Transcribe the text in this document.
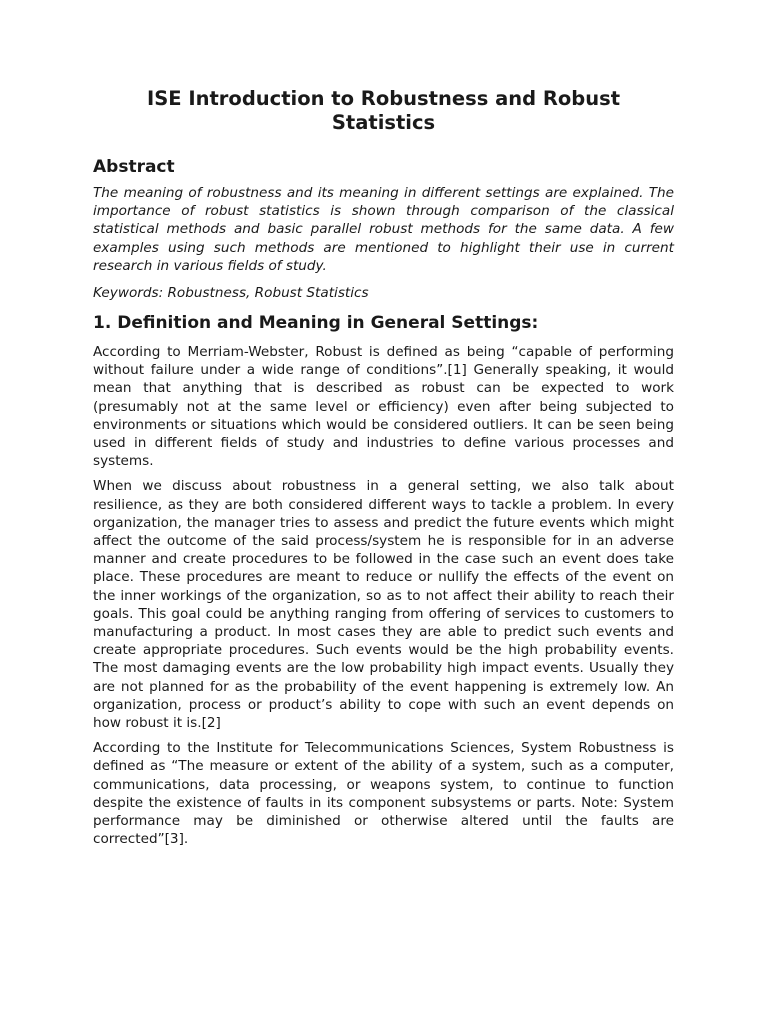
ISE Introduction to Robustness and Robust Statistics
Abstract

The meaning of robustness and its meaning in different settings are explained. The importance of robust statistics is shown through comparison of the classical statistical methods and basic parallel robust methods for the same data. A few examples using such methods are mentioned to highlight their use in current research in various fields of study.

Keywords: Robustness, Robust Statistics

1. Definition and Meaning in General Settings:

According to Merriam-Webster, Robust is defined as being “capable of performing without failure under a wide range of conditions”.[1] Generally speaking, it would mean that anything that is described as robust can be expected to work (presumably not at the same level or efficiency) even after being subjected to environments or situations which would be considered outliers. It can be seen being used in different fields of study and industries to define various processes and systems.

When we discuss about robustness in a general setting, we also talk about resilience, as they are both considered different ways to tackle a problem. In every organization, the manager tries to assess and predict the future events which might affect the outcome of the said process/system he is responsible for in an adverse manner and create procedures to be followed in the case such an event does take place. These procedures are meant to reduce or nullify the effects of the event on the inner workings of the organization, so as to not affect their ability to reach their goals. This goal could be anything ranging from offering of services to customers to manufacturing a product. In most cases they are able to predict such events and create appropriate procedures. Such events would be the high probability events. The most damaging events are the low probability high impact events. Usually they are not planned for as the probability of the event happening is extremely low. An organization, process or product’s ability to cope with such an event depends on how robust it is.[2]

According to the Institute for Telecommunications Sciences, System Robustness is defined as “The measure or extent of the ability of a system, such as a computer, communications, data processing, or weapons system, to continue to function despite the existence of faults in its component subsystems or parts. Note: System performance may be diminished or otherwise altered until the faults are corrected”[3].
